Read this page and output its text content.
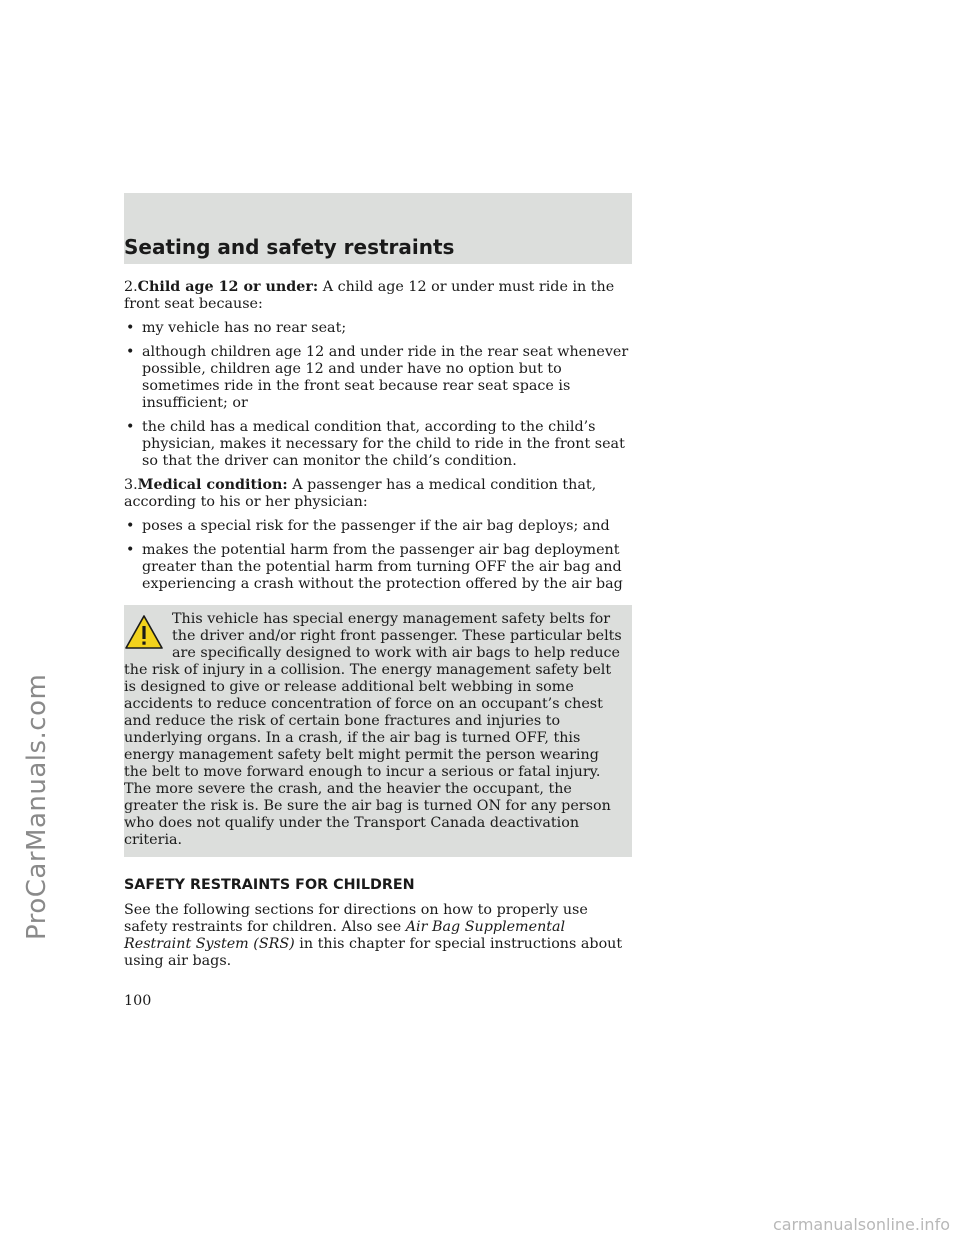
ProCarManuals.com
Seating and safety restraints

2.Child age 12 or under: A child age 12 or under must ride in the front seat because:

• my vehicle has no rear seat;
• although children age 12 and under ride in the rear seat whenever possible, children age 12 and under have no option but to sometimes ride in the front seat because rear seat space is insufficient; or
• the child has a medical condition that, according to the child’s physician, makes it necessary for the child to ride in the front seat so that the driver can monitor the child’s condition.

3.Medical condition: A passenger has a medical condition that, according to his or her physician:

• poses a special risk for the passenger if the air bag deploys; and
• makes the potential harm from the passenger air bag deployment greater than the potential harm from turning OFF the air bag and experiencing a crash without the protection offered by the air bag
This vehicle has special energy management safety belts for the driver and/or right front passenger. These particular belts are specifically designed to work with air bags to help reduce the risk of injury in a collision. The energy management safety belt is designed to give or release additional belt webbing in some accidents to reduce concentration of force on an occupant’s chest and reduce the risk of certain bone fractures and injuries to underlying organs. In a crash, if the air bag is turned OFF, this energy management safety belt might permit the person wearing the belt to move forward enough to incur a serious or fatal injury. The more severe the crash, and the heavier the occupant, the greater the risk is. Be sure the air bag is turned ON for any person who does not qualify under the Transport Canada deactivation criteria.
SAFETY RESTRAINTS FOR CHILDREN

See the following sections for directions on how to properly use safety restraints for children. Also see Air Bag Supplemental Restraint System (SRS) in this chapter for special instructions about using air bags.

100
carmanualsonline.info
